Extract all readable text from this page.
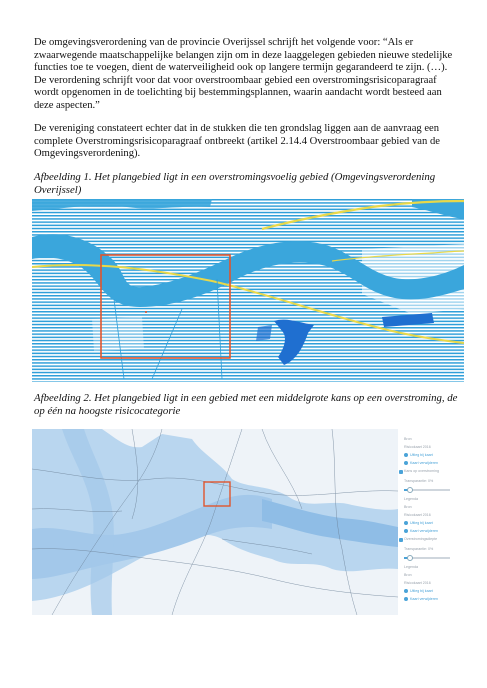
De omgevingsverordening van de provincie Overijssel schrijft het volgende voor: “Als er zwaarwegende maatschappelijke belangen zijn om in deze laaggelegen gebieden nieuwe stedelijke functies toe te voegen, dient de waterveiligheid ook op langere termijn gegarandeerd te zijn. (…). De verordening schrijft voor dat voor overstroombaar gebied een overstromingsrisicoparagraaf wordt opgenomen in de toelichting bij bestemmingsplannen, waarin aandacht wordt besteed aan deze aspecten.”

De vereniging constateert echter dat in de stukken die ten grondslag liggen aan de aanvraag een complete Overstromingsrisicoparagraaf ontbreekt (artikel 2.14.4 Overstroombaar gebied van de Omgevingsverordening).

Afbeelding 1. Het plangebied ligt in een overstromingsvoelig gebied (Omgevingsverordening Overijssel)

Afbeelding 2. Het plangebied ligt in een gebied met een middelgrote kans op een overstroming, de op één na hoogste risicocategorie

Bron
Risicokaart 2016
Uitleg bij kaart
Kaart verwijderen
Kans op overstroming
Transparantie: 0%
Legenda
Bron
Risicokaart 2016
Uitleg bij kaart
Kaart verwijderen
Overstromingsdiepte
Transparantie: 0%
Legenda
Bron
Risicokaart 2016
Uitleg bij kaart
Kaart verwijderen
